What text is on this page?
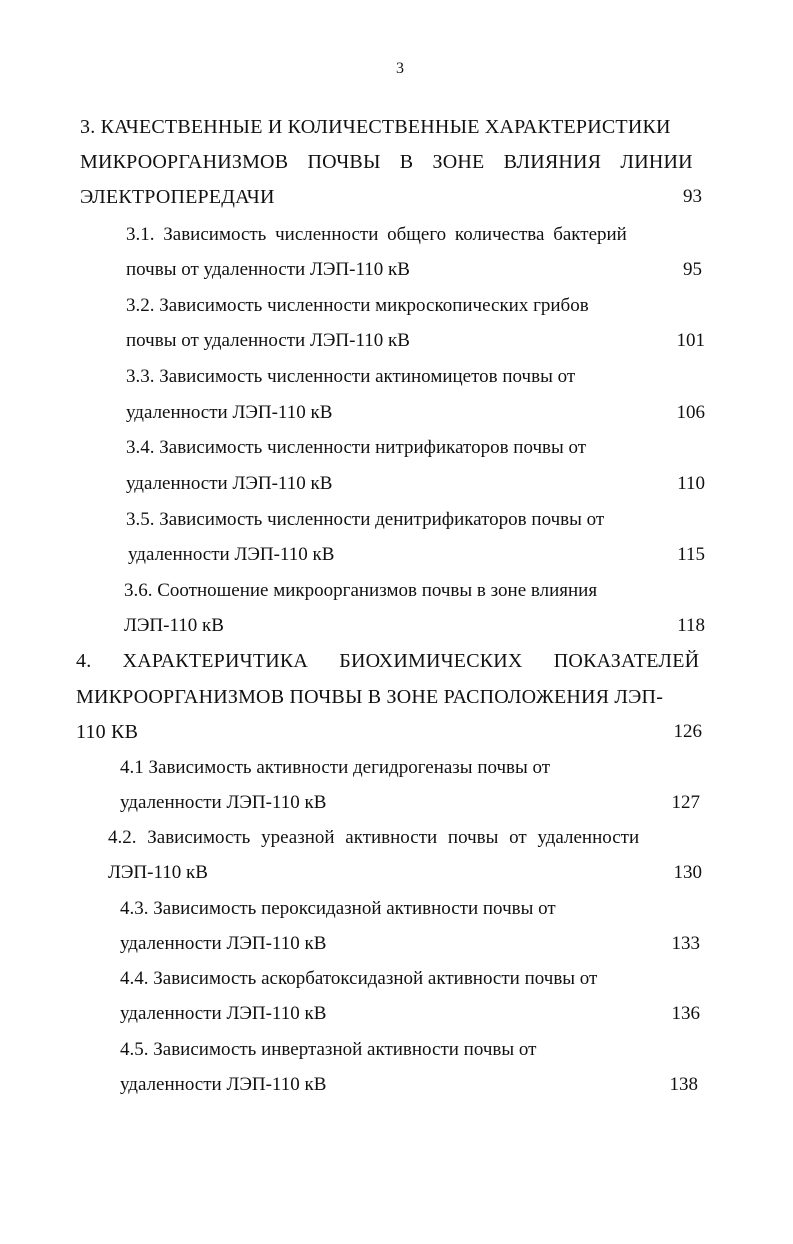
3
3. КАЧЕСТВЕННЫЕ И КОЛИЧЕСТВЕННЫЕ ХАРАКТЕРИСТИКИ
МИКРООРГАНИЗМОВ ПОЧВЫ В ЗОНЕ ВЛИЯНИЯ ЛИНИИ
ЭЛЕКТРОПЕРЕДАЧИ	93
3.1. Зависимость численности общего количества бактерий
почвы от удаленности ЛЭП-110 кВ	95
3.2. Зависимость численности микроскопических грибов
почвы от удаленности ЛЭП-110 кВ	101
3.3. Зависимость численности актиномицетов почвы от
удаленности ЛЭП-110 кВ	106
3.4. Зависимость численности нитрификаторов почвы от
удаленности ЛЭП-110 кВ	110
3.5. Зависимость численности денитрификаторов почвы от
удаленности ЛЭП-110 кВ	115
3.6. Соотношение микроорганизмов почвы в зоне влияния
ЛЭП-110 кВ	118
4. ХАРАКТЕРИЧТИКА БИОХИМИЧЕСКИХ ПОКАЗАТЕЛЕЙ
МИКРООРГАНИЗМОВ ПОЧВЫ В ЗОНЕ РАСПОЛОЖЕНИЯ ЛЭП-
110 КВ	126
4.1 Зависимость активности дегидрогеназы почвы от
удаленности ЛЭП-110 кВ	127
4.2. Зависимость уреазной активности почвы от удаленности
ЛЭП-110 кВ	130
4.3. Зависимость пероксидазной активности почвы от
удаленности ЛЭП-110 кВ	133
4.4. Зависимость аскорбатоксидазной активности почвы от
удаленности ЛЭП-110 кВ	136
4.5. Зависимость инвертазной активности почвы от
удаленности ЛЭП-110 кВ	138
